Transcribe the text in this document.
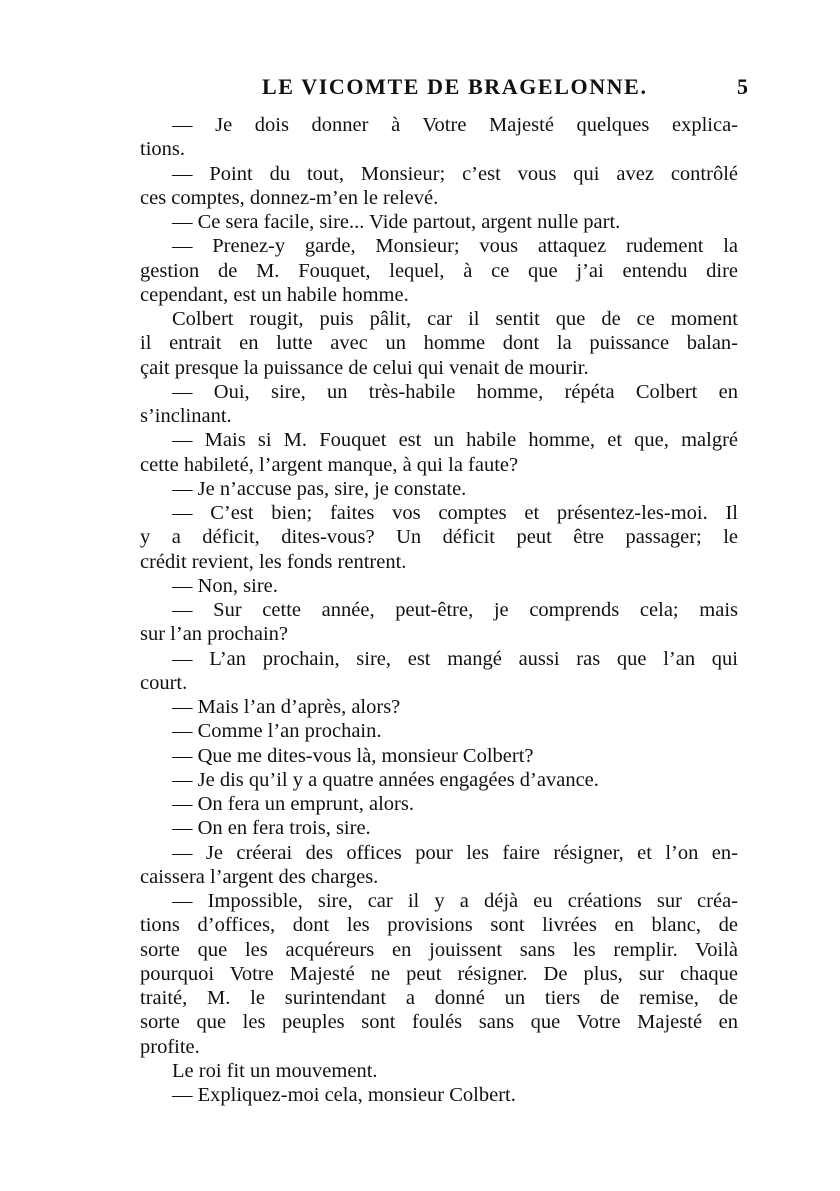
LE VICOMTE DE BRAGELONNE.	5
— Je dois donner à Votre Majesté quelques explica-
tions.
— Point du tout, Monsieur; c’est vous qui avez contrôlé
ces comptes, donnez-m’en le relevé.
— Ce sera facile, sire... Vide partout, argent nulle part.
— Prenez-y garde, Monsieur; vous attaquez rudement la
gestion de M. Fouquet, lequel, à ce que j’ai entendu dire
cependant, est un habile homme.
Colbert rougit, puis pâlit, car il sentit que de ce moment
il entrait en lutte avec un homme dont la puissance balan-
çait presque la puissance de celui qui venait de mourir.
— Oui, sire, un très-habile homme, répéta Colbert en
s’inclinant.
— Mais si M. Fouquet est un habile homme, et que, malgré
cette habileté, l’argent manque, à qui la faute?
— Je n’accuse pas, sire, je constate.
— C’est bien; faites vos comptes et présentez-les-moi. Il
y a déficit, dites-vous? Un déficit peut être passager; le
crédit revient, les fonds rentrent.
— Non, sire.
— Sur cette année, peut-être, je comprends cela; mais
sur l’an prochain?
— L’an prochain, sire, est mangé aussi ras que l’an qui
court.
— Mais l’an d’après, alors?
— Comme l’an prochain.
— Que me dites-vous là, monsieur Colbert?
— Je dis qu’il y a quatre années engagées d’avance.
— On fera un emprunt, alors.
— On en fera trois, sire.
— Je créerai des offices pour les faire résigner, et l’on en-
caissera l’argent des charges.
— Impossible, sire, car il y a déjà eu créations sur créa-
tions d’offices, dont les provisions sont livrées en blanc, de
sorte que les acquéreurs en jouissent sans les remplir. Voilà
pourquoi Votre Majesté ne peut résigner. De plus, sur chaque
traité, M. le surintendant a donné un tiers de remise, de
sorte que les peuples sont foulés sans que Votre Majesté en
profite.
Le roi fit un mouvement.
— Expliquez-moi cela, monsieur Colbert.
